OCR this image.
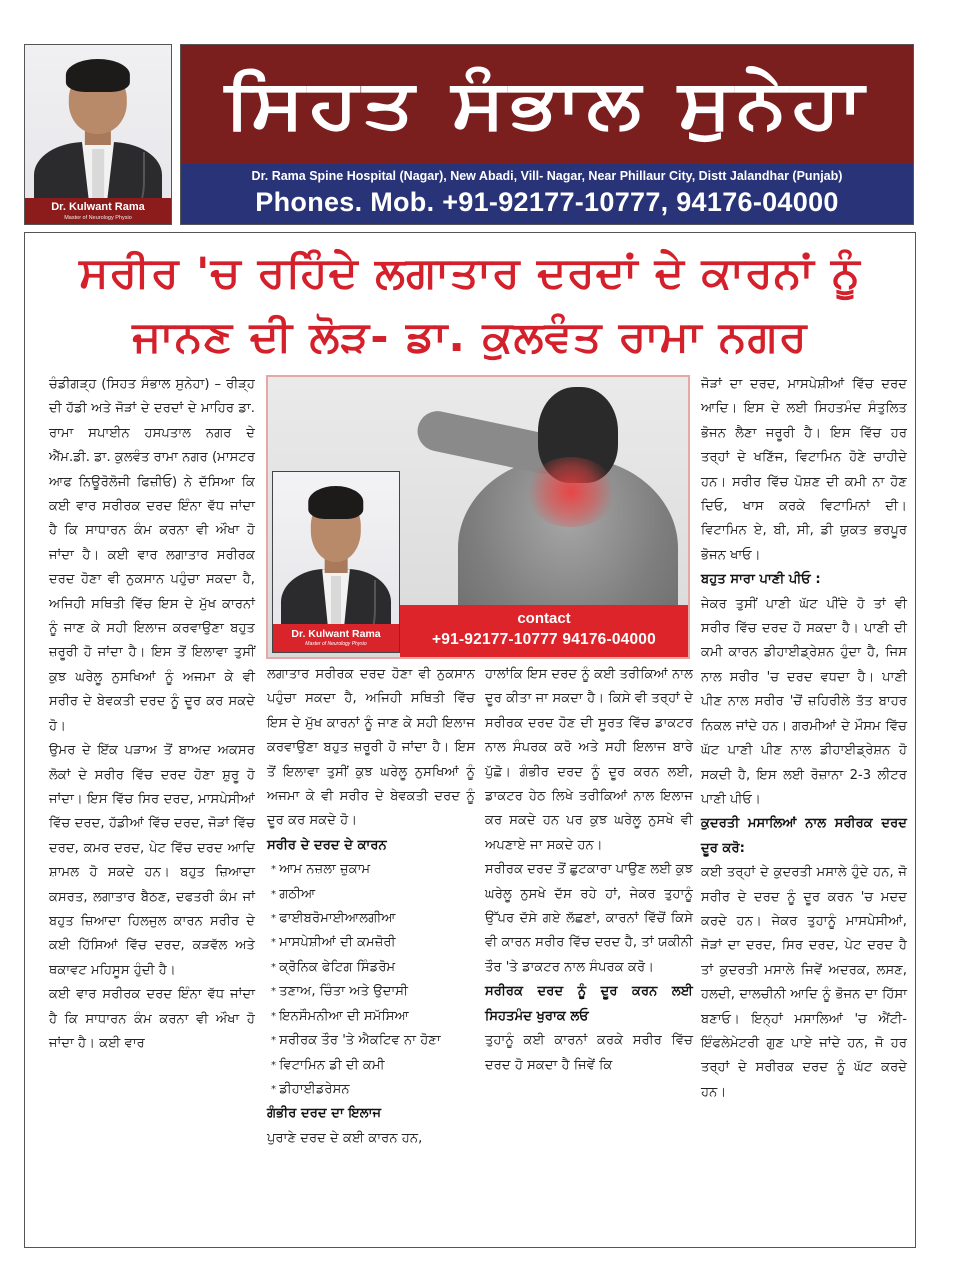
Dr. Kulwant Rama
Master of Neurology Physio
ਸਿਹਤ ਸੰਭਾਲ ਸੁਨੇਹਾ
Dr. Rama Spine Hospital (Nagar), New Abadi, Vill- Nagar, Near Phillaur City, Distt Jalandhar (Punjab)
Phones. Mob. +91-92177-10777, 94176-04000
ਸਰੀਰ 'ਚ ਰਹਿੰਦੇ ਲਗਾਤਾਰ ਦਰਦਾਂ ਦੇ ਕਾਰਨਾਂ ਨੂੰ
ਜਾਨਣ ਦੀ ਲੋੜ- ਡਾ. ਕੁਲਵੰਤ ਰਾਮਾ ਨਗਰ

ਚੰਡੀਗੜ੍ਹ (ਸਿਹਤ ਸੰਭਾਲ ਸੁਨੇਹਾ) – ਰੀੜ੍ਹ ਦੀ ਹੱਡੀ ਅਤੇ ਜੋੜਾਂ ਦੇ ਦਰਦਾਂ ਦੇ ਮਾਹਿਰ ਡਾ. ਰਾਮਾ ਸਪਾਈਨ ਹਸਪਤਾਲ ਨਗਰ ਦੇ ਐੱਮ.ਡੀ. ਡਾ. ਕੁਲਵੰਤ ਰਾਮਾ ਨਗਰ (ਮਾਸਟਰ ਆਫ ਨਿਊਰੋਲੋਜੀ ਫਿਜ਼ੀਓ) ਨੇ ਦੱਸਿਆ ਕਿ ਕਈ ਵਾਰ ਸਰੀਰਕ ਦਰਦ ਇੰਨਾ ਵੱਧ ਜਾਂਦਾ ਹੈ ਕਿ ਸਾਧਾਰਨ ਕੰਮ ਕਰਨਾ ਵੀ ਔਖਾ ਹੋ ਜਾਂਦਾ ਹੈ। ਕਈ ਵਾਰ ਲਗਾਤਾਰ ਸਰੀਰਕ ਦਰਦ ਹੋਣਾ ਵੀ ਨੁਕਸਾਨ ਪਹੁੰਚਾ ਸਕਦਾ ਹੈ, ਅਜਿਹੀ ਸਥਿਤੀ ਵਿੱਚ ਇਸ ਦੇ ਮੁੱਖ ਕਾਰਨਾਂ ਨੂੰ ਜਾਣ ਕੇ ਸਹੀ ਇਲਾਜ ਕਰਵਾਉਣਾ ਬਹੁਤ ਜ਼ਰੂਰੀ ਹੋ ਜਾਂਦਾ ਹੈ। ਇਸ ਤੋਂ ਇਲਾਵਾ ਤੁਸੀਂ ਕੁਝ ਘਰੇਲੂ ਨੁਸਖਿਆਂ ਨੂੰ ਅਜਮਾ ਕੇ ਵੀ ਸਰੀਰ ਦੇ ਬੇਵਕਤੀ ਦਰਦ ਨੂੰ ਦੂਰ ਕਰ ਸਕਦੇ ਹੋ।

ਉਮਰ ਦੇ ਇੱਕ ਪੜਾਅ ਤੋਂ ਬਾਅਦ ਅਕਸਰ ਲੋਕਾਂ ਦੇ ਸਰੀਰ ਵਿੱਚ ਦਰਦ ਹੋਣਾ ਸ਼ੁਰੂ ਹੋ ਜਾਂਦਾ। ਇਸ ਵਿੱਚ ਸਿਰ ਦਰਦ, ਮਾਸਪੇਸੀਆਂ ਵਿੱਚ ਦਰਦ, ਹੱਡੀਆਂ ਵਿੱਚ ਦਰਦ, ਜੋੜਾਂ ਵਿੱਚ ਦਰਦ, ਕਮਰ ਦਰਦ, ਪੇਟ ਵਿੱਚ ਦਰਦ ਆਦਿ ਸ਼ਾਮਲ ਹੋ ਸਕਦੇ ਹਨ। ਬਹੁਤ ਜ਼ਿਆਦਾ ਕਸਰਤ, ਲਗਾਤਾਰ ਬੈਠਣ, ਦਫਤਰੀ ਕੰਮ ਜਾਂ ਬਹੁਤ ਜ਼ਿਆਦਾ ਹਿਲਜੁਲ ਕਾਰਨ ਸਰੀਰ ਦੇ ਕਈ ਹਿੱਸਿਆਂ ਵਿੱਚ ਦਰਦ, ਕੜਵੱਲ ਅਤੇ ਥਕਾਵਟ ਮਹਿਸੂਸ ਹੁੰਦੀ ਹੈ।

ਕਈ ਵਾਰ ਸਰੀਰਕ ਦਰਦ ਇੰਨਾ ਵੱਧ ਜਾਂਦਾ ਹੈ ਕਿ ਸਾਧਾਰਨ ਕੰਮ ਕਰਨਾ ਵੀ ਔਖਾ ਹੋ ਜਾਂਦਾ ਹੈ। ਕਈ ਵਾਰ

ਲਗਾਤਾਰ ਸਰੀਰਕ ਦਰਦ ਹੋਣਾ ਵੀ ਨੁਕਸਾਨ ਪਹੁੰਚਾ ਸਕਦਾ ਹੈ, ਅਜਿਹੀ ਸਥਿਤੀ ਵਿੱਚ ਇਸ ਦੇ ਮੁੱਖ ਕਾਰਨਾਂ ਨੂੰ ਜਾਣ ਕੇ ਸਹੀ ਇਲਾਜ ਕਰਵਾਉਣਾ ਬਹੁਤ ਜ਼ਰੂਰੀ ਹੋ ਜਾਂਦਾ ਹੈ। ਇਸ ਤੋਂ ਇਲਾਵਾ ਤੁਸੀਂ ਕੁਝ ਘਰੇਲੂ ਨੁਸਖਿਆਂ ਨੂੰ ਅਜਮਾ ਕੇ ਵੀ ਸਰੀਰ ਦੇ ਬੇਵਕਤੀ ਦਰਦ ਨੂੰ ਦੂਰ ਕਰ ਸਕਦੇ ਹੋ।

ਸਰੀਰ ਦੇ ਦਰਦ ਦੇ ਕਾਰਨ

* ਆਮ ਨਜ਼ਲਾ ਜ਼ੁਕਾਮ
* ਗਠੀਆ
* ਫਾਈਬਰੋਮਾਈਆਲਗੀਆ
* ਮਾਸਪੇਸ਼ੀਆਂ ਦੀ ਕਮਜ਼ੋਰੀ
* ਕ੍ਰੋਨਿਕ ਫੇਟਿਗ ਸਿੰਡਰੋਮ
* ਤਣਾਅ, ਚਿੰਤਾ ਅਤੇ ਉਦਾਸੀ
* ਇਨਸੌਮਨੀਆ ਦੀ ਸਮੱਸਿਆ
* ਸਰੀਰਕ ਤੌਰ 'ਤੇ ਐਕਟਿਵ ਨਾ ਹੋਣਾ
* ਵਿਟਾਮਿਨ ਡੀ ਦੀ ਕਮੀ
* ਡੀਹਾਈਡਰੇਸਨ

ਗੰਭੀਰ ਦਰਦ ਦਾ ਇਲਾਜ

ਪੁਰਾਣੇ ਦਰਦ ਦੇ ਕਈ ਕਾਰਨ ਹਨ,

ਹਾਲਾਂਕਿ ਇਸ ਦਰਦ ਨੂੰ ਕਈ ਤਰੀਕਿਆਂ ਨਾਲ ਦੂਰ ਕੀਤਾ ਜਾ ਸਕਦਾ ਹੈ। ਕਿਸੇ ਵੀ ਤਰ੍ਹਾਂ ਦੇ ਸਰੀਰਕ ਦਰਦ ਹੋਣ ਦੀ ਸੂਰਤ ਵਿੱਚ ਡਾਕਟਰ ਨਾਲ ਸੰਪਰਕ ਕਰੋ ਅਤੇ ਸਹੀ ਇਲਾਜ ਬਾਰੇ ਪੁੱਛੋ। ਗੰਭੀਰ ਦਰਦ ਨੂੰ ਦੂਰ ਕਰਨ ਲਈ, ਡਾਕਟਰ ਹੇਠ ਲਿਖੇ ਤਰੀਕਿਆਂ ਨਾਲ ਇਲਾਜ ਕਰ ਸਕਦੇ ਹਨ ਪਰ ਕੁਝ ਘਰੇਲੂ ਨੁਸਖੇ ਵੀ ਅਪਣਾਏ ਜਾ ਸਕਦੇ ਹਨ।

ਸਰੀਰਕ ਦਰਦ ਤੋਂ ਛੁਟਕਾਰਾ ਪਾਉਣ ਲਈ ਕੁਝ ਘਰੇਲੂ ਨੁਸਖੇ ਦੱਸ ਰਹੇ ਹਾਂ, ਜੇਕਰ ਤੁਹਾਨੂੰ ਉੱਪਰ ਦੱਸੇ ਗਏ ਲੱਛਣਾਂ, ਕਾਰਨਾਂ ਵਿੱਚੋਂ ਕਿਸੇ ਵੀ ਕਾਰਨ ਸਰੀਰ ਵਿੱਚ ਦਰਦ ਹੈ, ਤਾਂ ਯਕੀਨੀ ਤੌਰ 'ਤੇ ਡਾਕਟਰ ਨਾਲ ਸੰਪਰਕ ਕਰੋ।

ਸਰੀਰਕ ਦਰਦ ਨੂੰ ਦੂਰ ਕਰਨ ਲਈ ਸਿਹਤਮੰਦ ਖੁਰਾਕ ਲਓ

ਤੁਹਾਨੂੰ ਕਈ ਕਾਰਨਾਂ ਕਰਕੇ ਸਰੀਰ ਵਿੱਚ ਦਰਦ ਹੋ ਸਕਦਾ ਹੈ ਜਿਵੇਂ ਕਿ

ਜੋੜਾਂ ਦਾ ਦਰਦ, ਮਾਸਪੇਸ਼ੀਆਂ ਵਿੱਚ ਦਰਦ ਆਦਿ। ਇਸ ਦੇ ਲਈ ਸਿਹਤਮੰਦ ਸੰਤੁਲਿਤ ਭੋਜਨ ਲੈਣਾ ਜਰੂਰੀ ਹੈ। ਇਸ ਵਿੱਚ ਹਰ ਤਰ੍ਹਾਂ ਦੇ ਖਣਿੱਜ, ਵਿਟਾਮਿਨ ਹੋਣੇ ਚਾਹੀਦੇ ਹਨ। ਸਰੀਰ ਵਿੱਚ ਪੋਸ਼ਣ ਦੀ ਕਮੀ ਨਾ ਹੋਣ ਦਿਓ, ਖਾਸ ਕਰਕੇ ਵਿਟਾਮਿਨਾਂ ਦੀ। ਵਿਟਾਮਿਨ ਏ, ਬੀ, ਸੀ, ਡੀ ਯੁਕਤ ਭਰਪੂਰ ਭੋਜਨ ਖਾਓ।

ਬਹੁਤ ਸਾਰਾ ਪਾਣੀ ਪੀਓ :

ਜੇਕਰ ਤੁਸੀਂ ਪਾਣੀ ਘੱਟ ਪੀਂਦੇ ਹੋ ਤਾਂ ਵੀ ਸਰੀਰ ਵਿੱਚ ਦਰਦ ਹੋ ਸਕਦਾ ਹੈ। ਪਾਣੀ ਦੀ ਕਮੀ ਕਾਰਨ ਡੀਹਾਈਡ੍ਰੇਸ਼ਨ ਹੁੰਦਾ ਹੈ, ਜਿਸ ਨਾਲ ਸਰੀਰ 'ਚ ਦਰਦ ਵਧਦਾ ਹੈ। ਪਾਣੀ ਪੀਣ ਨਾਲ ਸਰੀਰ 'ਚੋਂ ਜ਼ਹਿਰੀਲੇ ਤੱਤ ਬਾਹਰ ਨਿਕਲ ਜਾਂਦੇ ਹਨ। ਗਰਮੀਆਂ ਦੇ ਮੌਸਮ ਵਿੱਚ ਘੱਟ ਪਾਣੀ ਪੀਣ ਨਾਲ ਡੀਹਾਈਡ੍ਰੇਸ਼ਨ ਹੋ ਸਕਦੀ ਹੈ, ਇਸ ਲਈ ਰੋਜ਼ਾਨਾ 2-3 ਲੀਟਰ ਪਾਣੀ ਪੀਓ।

ਕੁਦਰਤੀ ਮਸਾਲਿਆਂ ਨਾਲ ਸਰੀਰਕ ਦਰਦ ਦੂਰ ਕਰੋ:

ਕਈ ਤਰ੍ਹਾਂ ਦੇ ਕੁਦਰਤੀ ਮਸਾਲੇ ਹੁੰਦੇ ਹਨ, ਜੋ ਸਰੀਰ ਦੇ ਦਰਦ ਨੂੰ ਦੂਰ ਕਰਨ 'ਚ ਮਦਦ ਕਰਦੇ ਹਨ। ਜੇਕਰ ਤੁਹਾਨੂੰ ਮਾਸਪੇਸੀਆਂ, ਜੋੜਾਂ ਦਾ ਦਰਦ, ਸਿਰ ਦਰਦ, ਪੇਟ ਦਰਦ ਹੈ ਤਾਂ ਕੁਦਰਤੀ ਮਸਾਲੇ ਜਿਵੇਂ ਅਦਰਕ, ਲਸਣ, ਹਲਦੀ, ਦਾਲਚੀਨੀ ਆਦਿ ਨੂੰ ਭੋਜਨ ਦਾ ਹਿੱਸਾ ਬਣਾਓ। ਇਨ੍ਹਾਂ ਮਸਾਲਿਆਂ 'ਚ ਐਂਟੀ-ਇੰਫਲੇਮੇਟਰੀ ਗੁਣ ਪਾਏ ਜਾਂਦੇ ਹਨ, ਜੋ ਹਰ ਤਰ੍ਹਾਂ ਦੇ ਸਰੀਰਕ ਦਰਦ ਨੂੰ ਘੱਟ ਕਰਦੇ ਹਨ।

contact
+91-92177-10777 94176-04000
Dr. Kulwant Rama
Master of Neurology Physio
